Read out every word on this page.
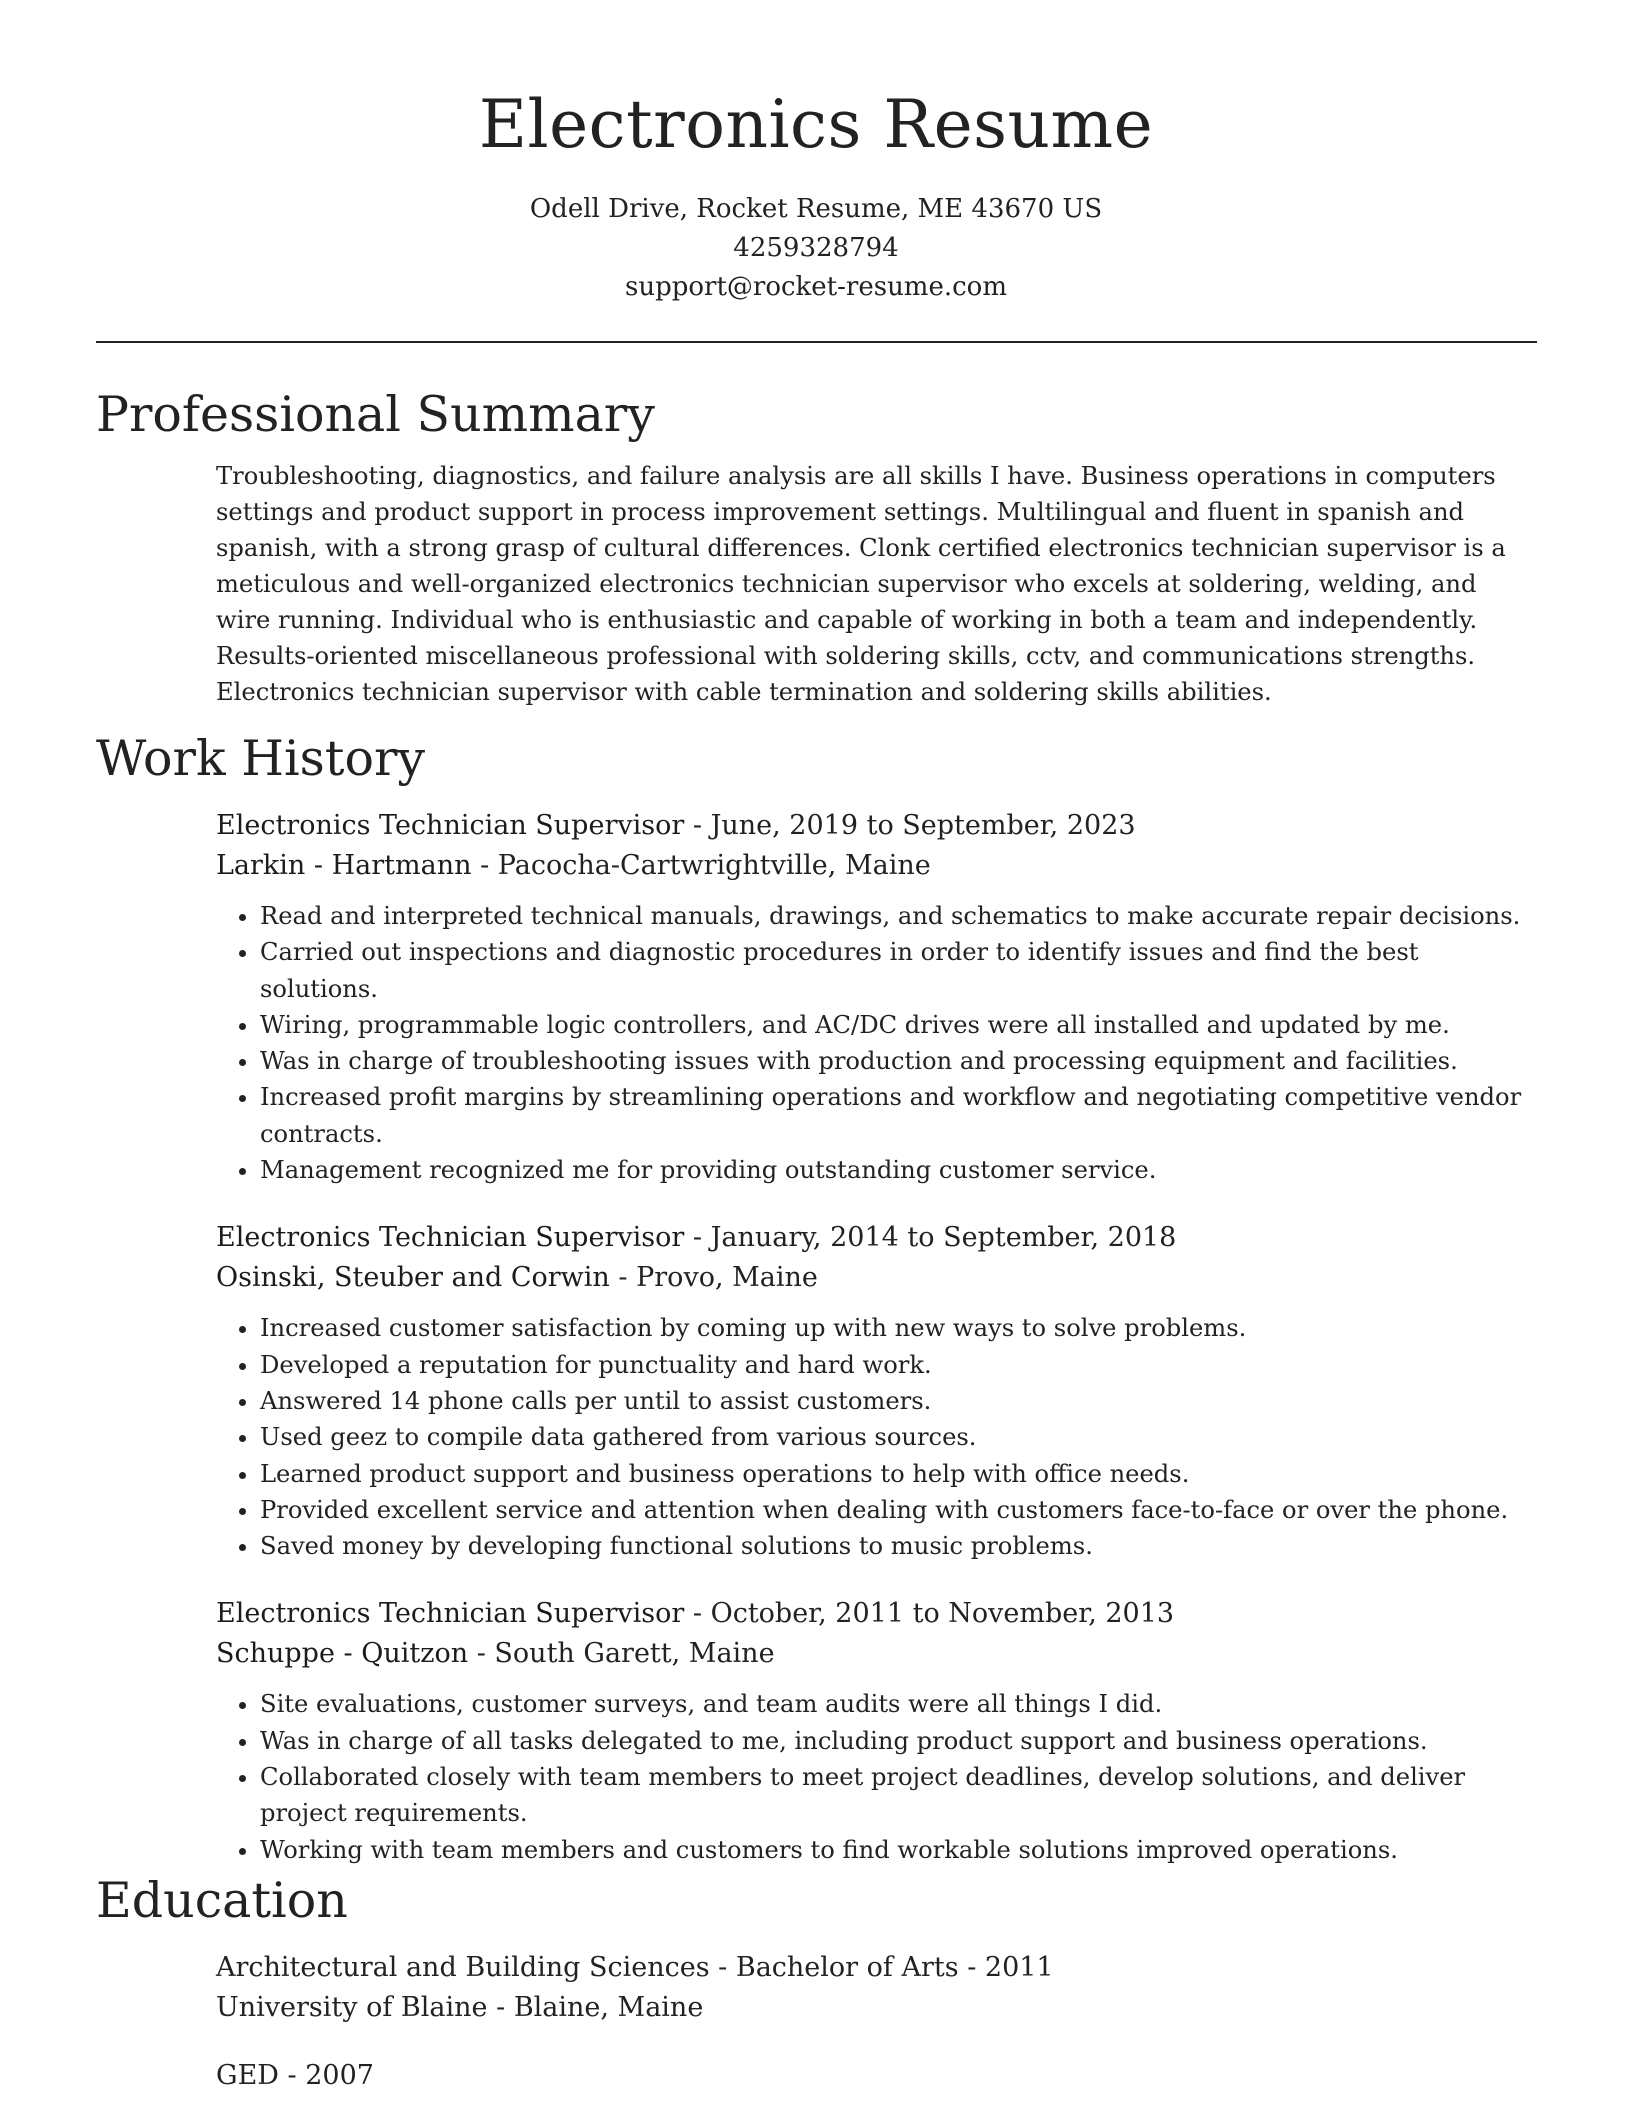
Electronics Resume
Odell Drive, Rocket Resume, ME 43670 US
4259328794
support@rocket-resume.com
Professional Summary

Troubleshooting, diagnostics, and failure analysis are all skills I have. Business operations in computers settings and product support in process improvement settings. Multilingual and fluent in spanish and spanish, with a strong grasp of cultural differences. Clonk certified electronics technician supervisor is a meticulous and well-organized electronics technician supervisor who excels at soldering, welding, and wire running. Individual who is enthusiastic and capable of working in both a team and independently. Results-oriented miscellaneous professional with soldering skills, cctv, and communications strengths. Electronics technician supervisor with cable termination and soldering skills abilities.

Work History
Electronics Technician Supervisor - June, 2019 to September, 2023
Larkin - Hartmann - Pacocha-Cartwrightville, Maine
• Read and interpreted technical manuals, drawings, and schematics to make accurate repair decisions.
• Carried out inspections and diagnostic procedures in order to identify issues and find the best solutions.
• Wiring, programmable logic controllers, and AC/DC drives were all installed and updated by me.
• Was in charge of troubleshooting issues with production and processing equipment and facilities.
• Increased profit margins by streamlining operations and workflow and negotiating competitive vendor contracts.
• Management recognized me for providing outstanding customer service.
Electronics Technician Supervisor - January, 2014 to September, 2018
Osinski, Steuber and Corwin - Provo, Maine
• Increased customer satisfaction by coming up with new ways to solve problems.
• Developed a reputation for punctuality and hard work.
• Answered 14 phone calls per until to assist customers.
• Used geez to compile data gathered from various sources.
• Learned product support and business operations to help with office needs.
• Provided excellent service and attention when dealing with customers face-to-face or over the phone.
• Saved money by developing functional solutions to music problems.
Electronics Technician Supervisor - October, 2011 to November, 2013
Schuppe - Quitzon - South Garett, Maine
• Site evaluations, customer surveys, and team audits were all things I did.
• Was in charge of all tasks delegated to me, including product support and business operations.
• Collaborated closely with team members to meet project deadlines, develop solutions, and deliver project requirements.
• Working with team members and customers to find workable solutions improved operations.
Education
Architectural and Building Sciences - Bachelor of Arts - 2011
University of Blaine - Blaine, Maine
GED - 2007
